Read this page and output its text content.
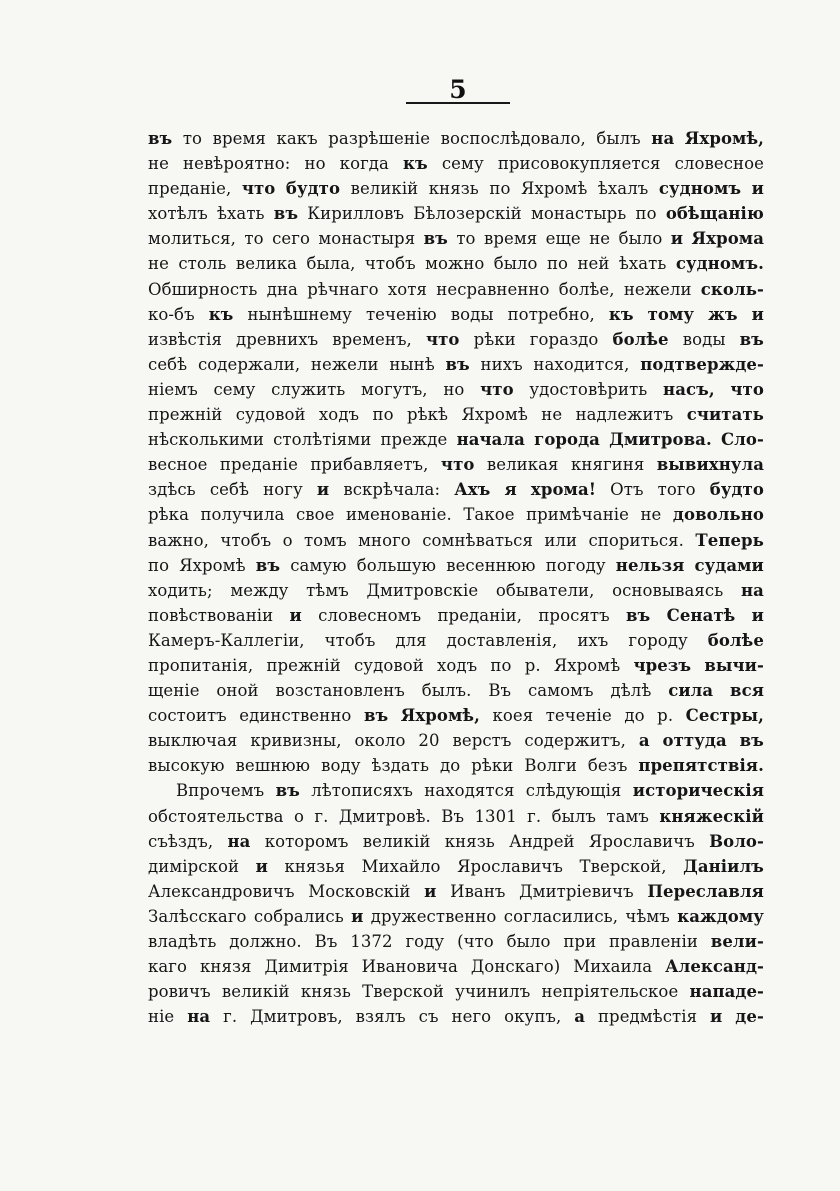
5
въ то время какъ разрѣшеніе воспослѣдовало, былъ на Яхромѣ,
не невѣроятно: но когда къ сему присовокупляется словесное
преданіе, что будто великій князь по Яхромѣ ѣхалъ судномъ и
хотѣлъ ѣхать въ Кирилловъ Бѣлозерскій монастырь по обѣщанію
молиться, то сего монастыря въ то время еще не было и Яхрома
не столь велика была, чтобъ можно было по ней ѣхать судномъ.
Обширность дна рѣчнаго хотя несравненно болѣе, нежели сколь-
ко-бъ къ нынѣшнему теченію воды потребно, къ тому жъ и
извѣстія древнихъ временъ, что рѣки гораздо болѣе воды въ
себѣ содержали, нежели нынѣ въ нихъ находится, подтвержде-
ніемъ сему служить могутъ, но что удостовѣрить насъ, что
прежній судовой ходъ по рѣкѣ Яхромѣ не надлежитъ считать
нѣсколькими столѣтіями прежде начала города Дмитрова. Сло-
весное преданіе прибавляетъ, что великая княгиня вывихнула
здѣсь себѣ ногу и вскрѣчала: Ахъ я хрома! Отъ того будто
рѣка получила свое именованіе. Такое примѣчаніе не довольно
важно, чтобъ о томъ много сомнѣваться или спориться. Теперь
по Яхромѣ въ самую большую весеннюю погоду нельзя судами
ходить; между тѣмъ Дмитровскіе обыватели, основываясь на
повѣствованіи и словесномъ преданіи, просятъ въ Сенатѣ и
Камеръ-Каллегіи, чтобъ для доставленія, ихъ городу болѣе
пропитанія, прежній судовой ходъ по р. Яхромѣ чрезъ вычи-
щеніе оной возстановленъ былъ. Въ самомъ дѣлѣ сила вся
состоитъ единственно въ Яхромѣ, коея теченіе до р. Сестры,
выключая кривизны, около 20 верстъ содержитъ, а оттуда въ
высокую вешнюю воду ѣздать до рѣки Волги безъ препятствія.
Впрочемъ въ лѣтописяхъ находятся слѣдующія историческія
обстоятельства о г. Дмитровѣ. Въ 1301 г. былъ тамъ княжескій
съѣздъ, на которомъ великій князь Андрей Ярославичъ Воло-
димірской и князья Михайло Ярославичъ Тверской, Даніилъ
Александровичъ Московскій и Иванъ Дмитріевичъ Переславля
Залѣсскаго собрались и дружественно согласились, чѣмъ каждому
владѣть должно. Въ 1372 году (что было при правленіи вели-
каго князя Димитрія Ивановича Донскаго) Михаила Александ-
ровичъ великій князь Тверской учинилъ непріятельское нападе-
ніе на г. Дмитровъ, взялъ съ него окупъ, а предмѣстія и де-
